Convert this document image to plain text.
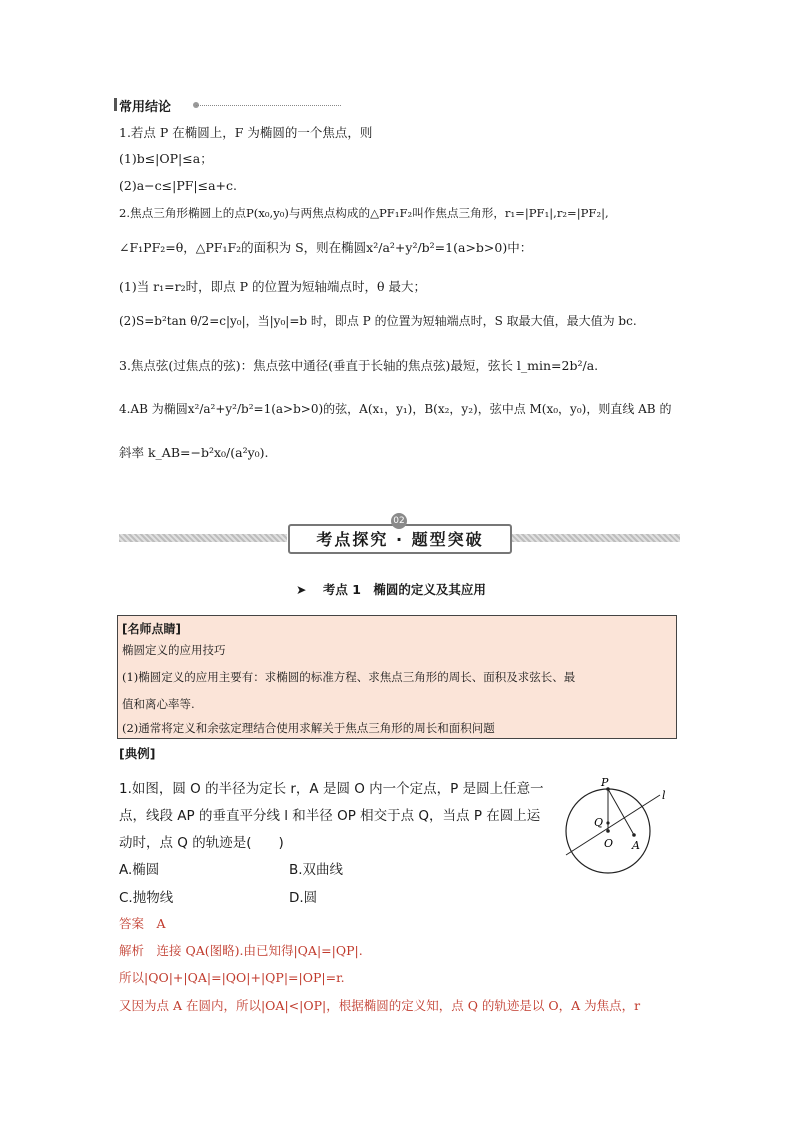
常用结论
1.若点 P 在椭圆上，F 为椭圆的一个焦点，则
(1)b≤|OP|≤a；
(2)a−c≤|PF|≤a+c.
2.焦点三角形椭圆上的点P(x₀,y₀)与两焦点构成的△PF₁F₂叫作焦点三角形，r₁=|PF₁|,r₂=|PF₂|,
∠F₁PF₂=θ，△PF₁F₂的面积为 S，则在椭圆x²/a²+y²/b²=1(a>b>0)中：
(1)当 r₁=r₂时，即点 P 的位置为短轴端点时，θ 最大；
(2)S=b²tan θ/2=c|y₀|，当|y₀|=b 时，即点 P 的位置为短轴端点时，S 取最大值，最大值为 bc.
3.焦点弦(过焦点的弦)：焦点弦中通径(垂直于长轴的焦点弦)最短，弦长 l_min=2b²/a.
4.AB 为椭圆x²/a²+y²/b²=1(a>b>0)的弦，A(x₁，y₁)，B(x₂，y₂)，弦中点 M(x₀，y₀)，则直线 AB 的
斜率 k_AB=−b²x₀/(a²y₀).
考点探究 · 题型突破
02
➤ 考点 1　椭圆的定义及其应用
[名师点睛]
椭圆定义的应用技巧
(1)椭圆定义的应用主要有：求椭圆的标准方程、求焦点三角形的周长、面积及求弦长、最
值和离心率等.
(2)通常将定义和余弦定理结合使用求解关于焦点三角形的周长和面积问题
[典例]
1.如图，圆 O 的半径为定长 r，A 是圆 O 内一个定点，P 是圆上任意一
点，线段 AP 的垂直平分线 l 和半径 OP 相交于点 Q，当点 P 在圆上运
动时，点 Q 的轨迹是(　　)
A.椭圆	B.双曲线
C.抛物线	D.圆
答案　A
解析　连接 QA(图略).由已知得|QA|=|QP|.
所以|QO|+|QA|=|QO|+|QP|=|OP|=r.
又因为点 A 在圆内，所以|OA|<|OP|，根据椭圆的定义知，点 Q 的轨迹是以 O，A 为焦点，r
P
l
Q
O A
